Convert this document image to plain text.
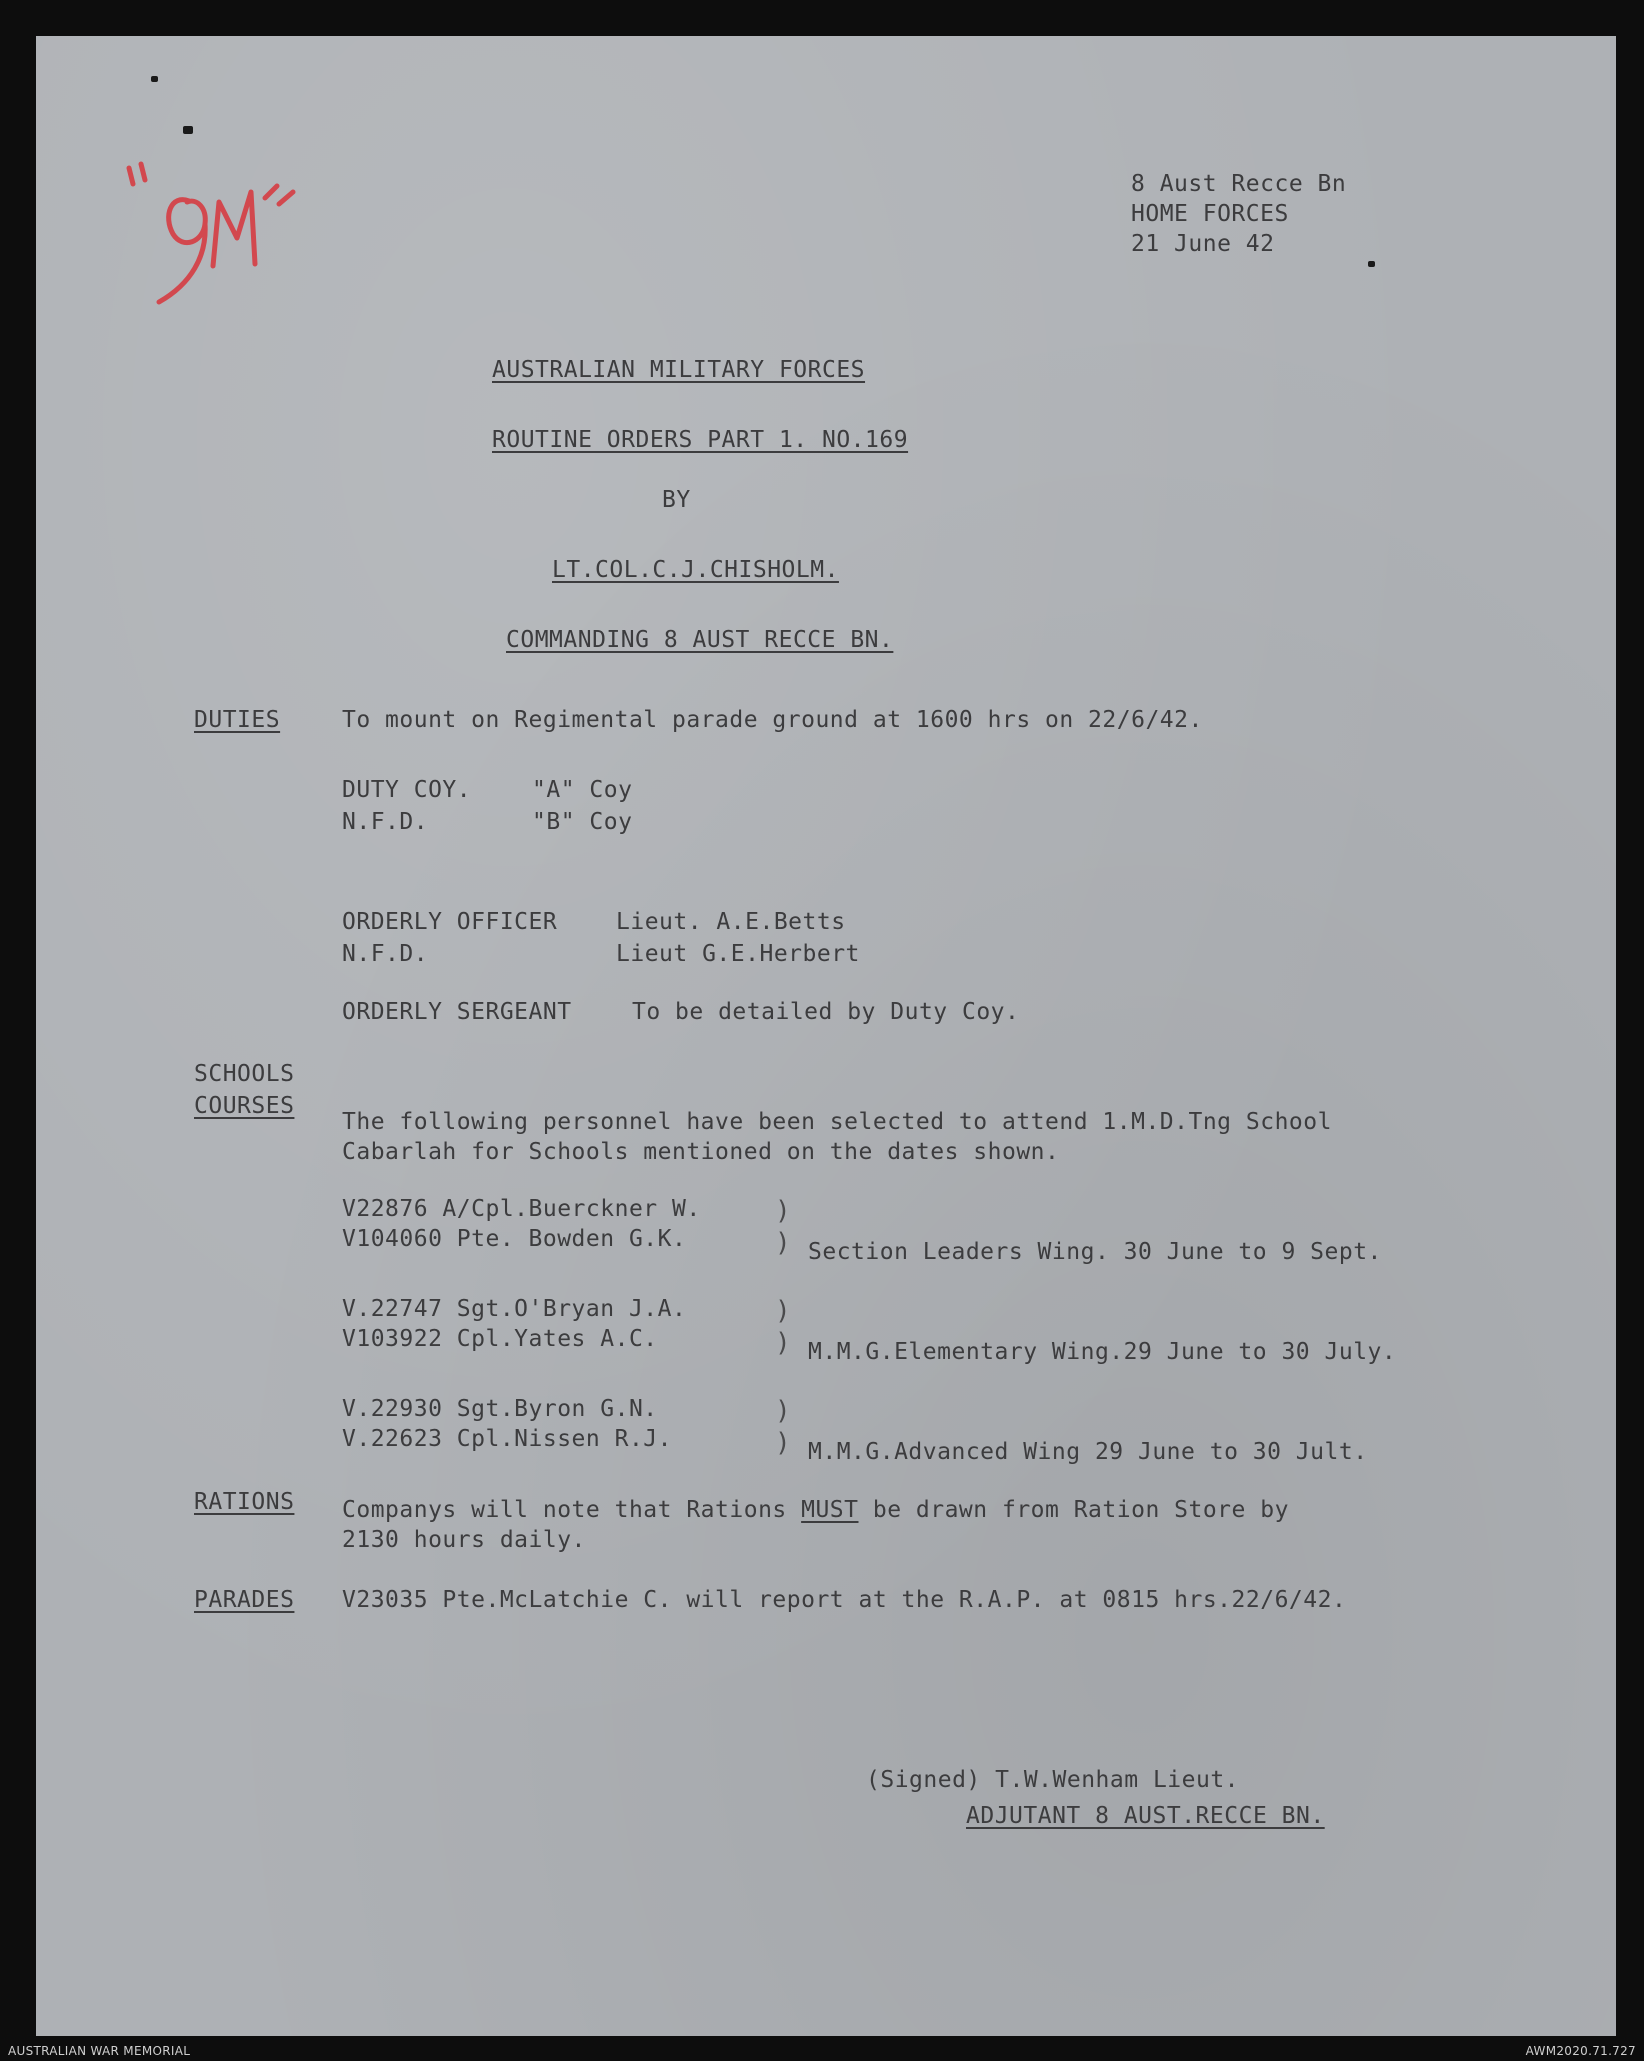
8 Aust Recce Bn
HOME FORCES
21 June 42
AUSTRALIAN MILITARY FORCES
ROUTINE ORDERS PART 1. NO.169
BY
LT.COL.C.J.CHISHOLM.
COMMANDING 8 AUST RECCE BN.
DUTIES	To mount on Regimental parade ground at 1600 hrs on 22/6/42.
DUTY COY.	"A" Coy
N.F.D.	"B" Coy
ORDERLY OFFICER	Lieut. A.E.Betts
N.F.D.	Lieut G.E.Herbert
ORDERLY SERGEANT	To be detailed by Duty Coy.
SCHOOLS
COURSES
The following personnel have been selected to attend 1.M.D.Tng School
Cabarlah for Schools mentioned on the dates shown.
V22876 A/Cpl.Buerckner W.
V104060 Pte. Bowden G.K.
)
) Section Leaders Wing. 30 June to 9 Sept.
V.22747 Sgt.O'Bryan J.A.
V103922 Cpl.Yates A.C.
)
) M.M.G.Elementary Wing.29 June to 30 July.
V.22930 Sgt.Byron G.N.
V.22623 Cpl.Nissen R.J.
)
) M.M.G.Advanced Wing 29 June to 30 Jult.
RATIONS Companys will note that Rations MUST be drawn from Ration Store by
2130 hours daily.
PARADES V23035 Pte.McLatchie C. will report at the R.A.P. at 0815 hrs.22/6/42.
(Signed) T.W.Wenham Lieut.
ADJUTANT 8 AUST.RECCE BN.
AUSTRALIAN WAR MEMORIAL	AWM2020.71.727
